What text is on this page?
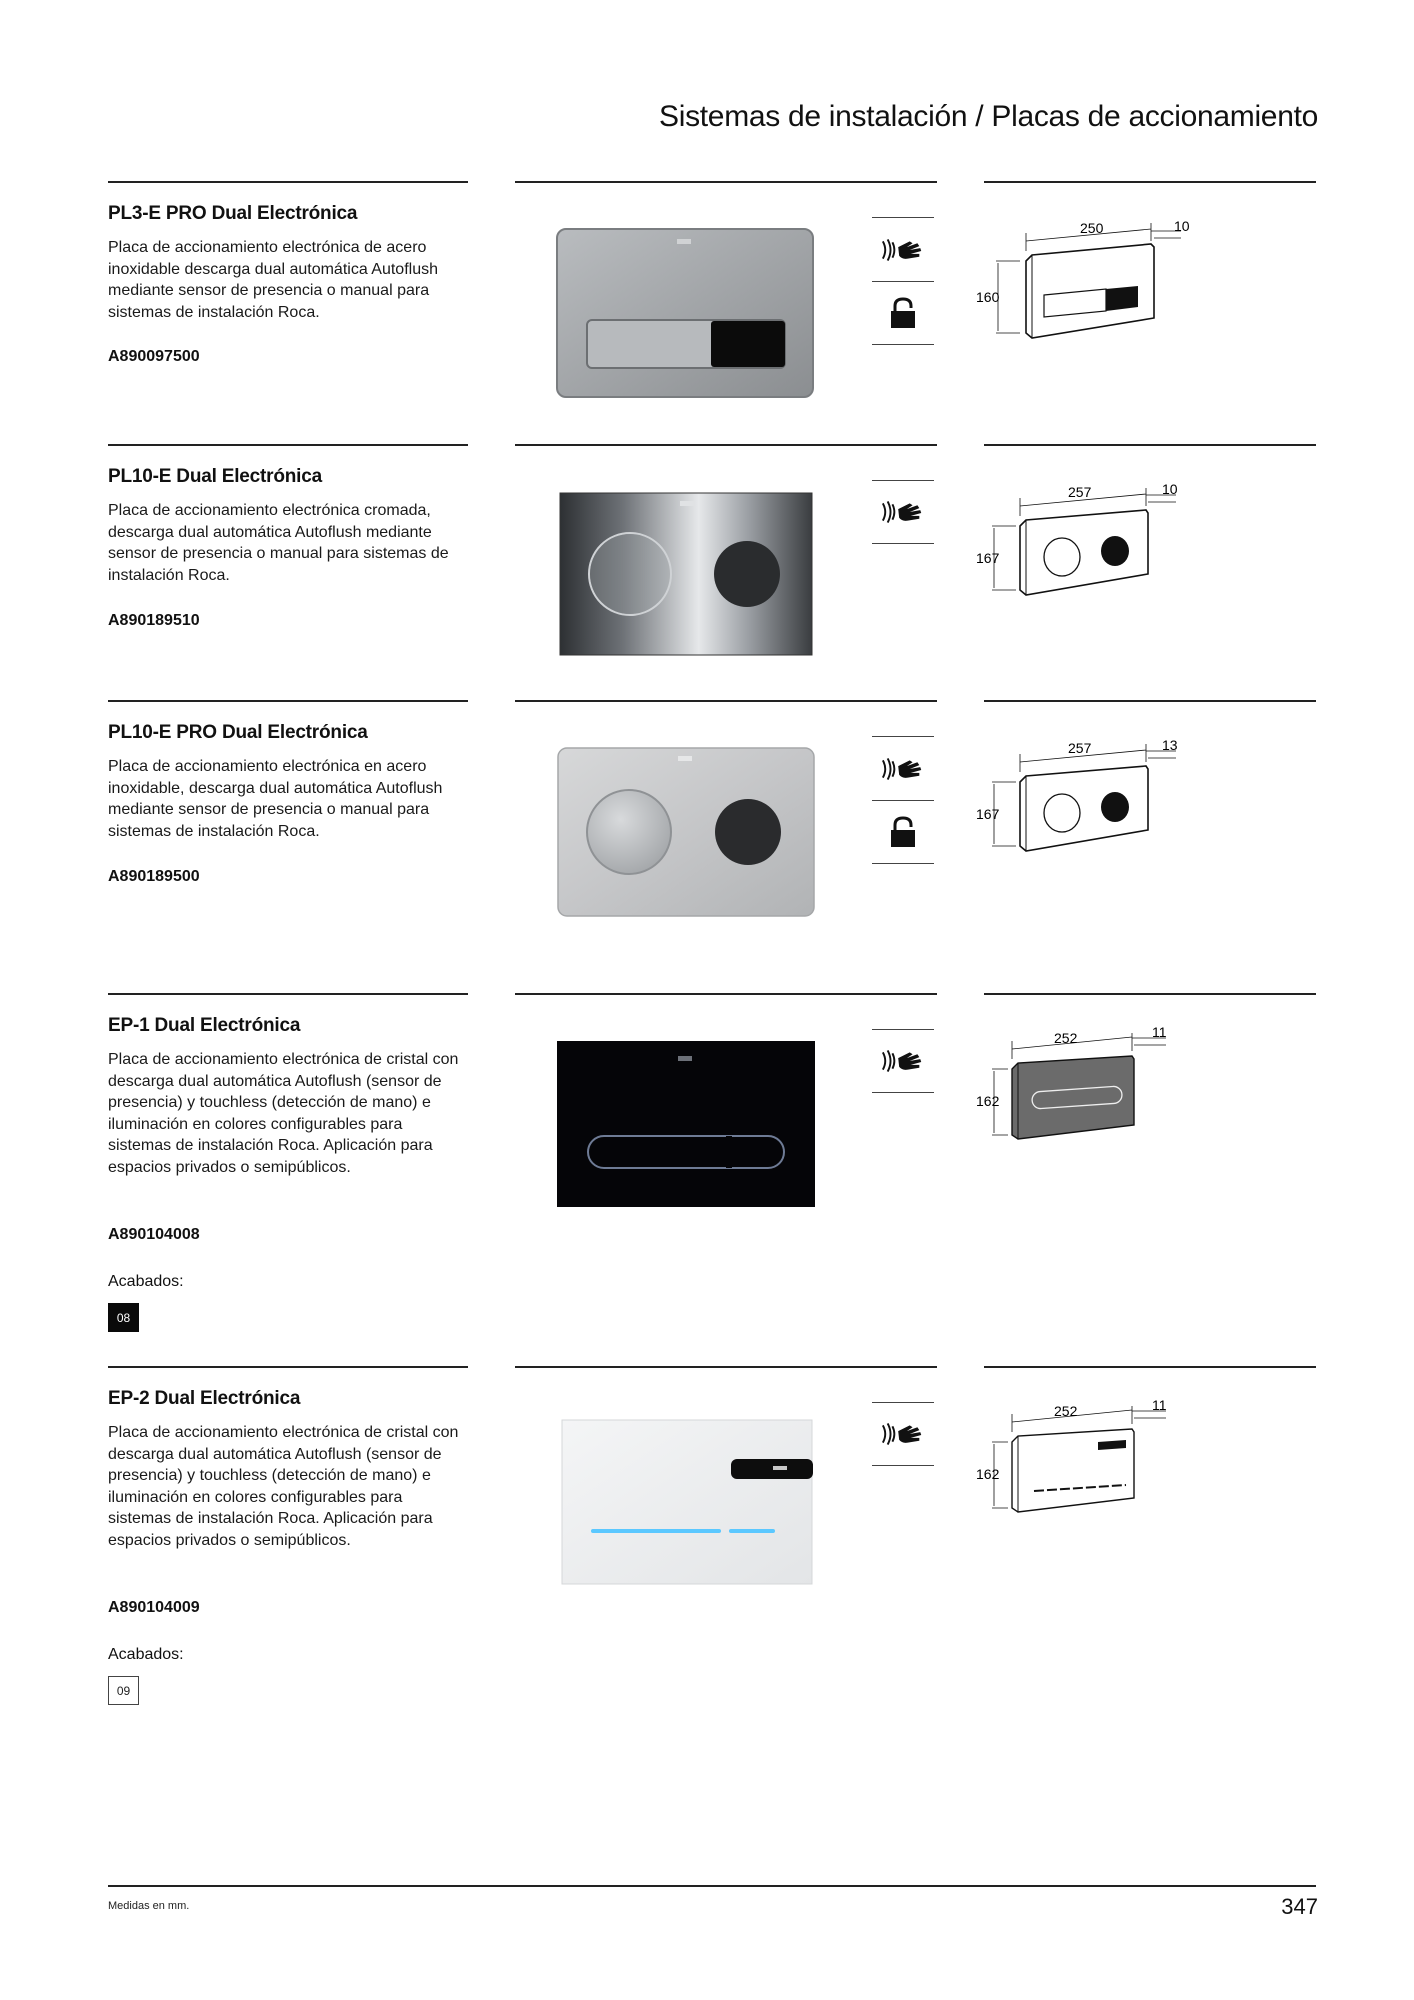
Sistemas de instalación / Placas de accionamiento
PL3-E PRO Dual Electrónica
Placa de accionamiento electrónica de acero inoxidable descarga dual automática Autoflush mediante sensor de presencia o manual para sistemas de instalación Roca.
A890097500
250	10
160
PL10-E Dual Electrónica
Placa de accionamiento electrónica cromada, descarga dual automática Autoflush mediante sensor de presencia o manual para sistemas de instalación Roca.
A890189510
257	10
167
PL10-E PRO Dual Electrónica
Placa de accionamiento electrónica en acero inoxidable, descarga dual automática Autoflush mediante sensor de presencia o manual para sistemas de instalación Roca.
A890189500
257	13
167
EP-1 Dual Electrónica
Placa de accionamiento electrónica de cristal con descarga dual automática Autoflush (sensor de presencia) y touchless (detección de mano) e iluminación en colores configurables para sistemas de instalación Roca. Aplicación para espacios privados o semipúblicos.
A890104008
Acabados:
08
252	11
162
EP-2 Dual Electrónica
Placa de accionamiento electrónica de cristal con descarga dual automática Autoflush (sensor de presencia) y touchless (detección de mano) e iluminación en colores configurables para sistemas de instalación Roca. Aplicación para espacios privados o semipúblicos.
A890104009
Acabados:
09
252	11
162
Medidas en mm.	347
